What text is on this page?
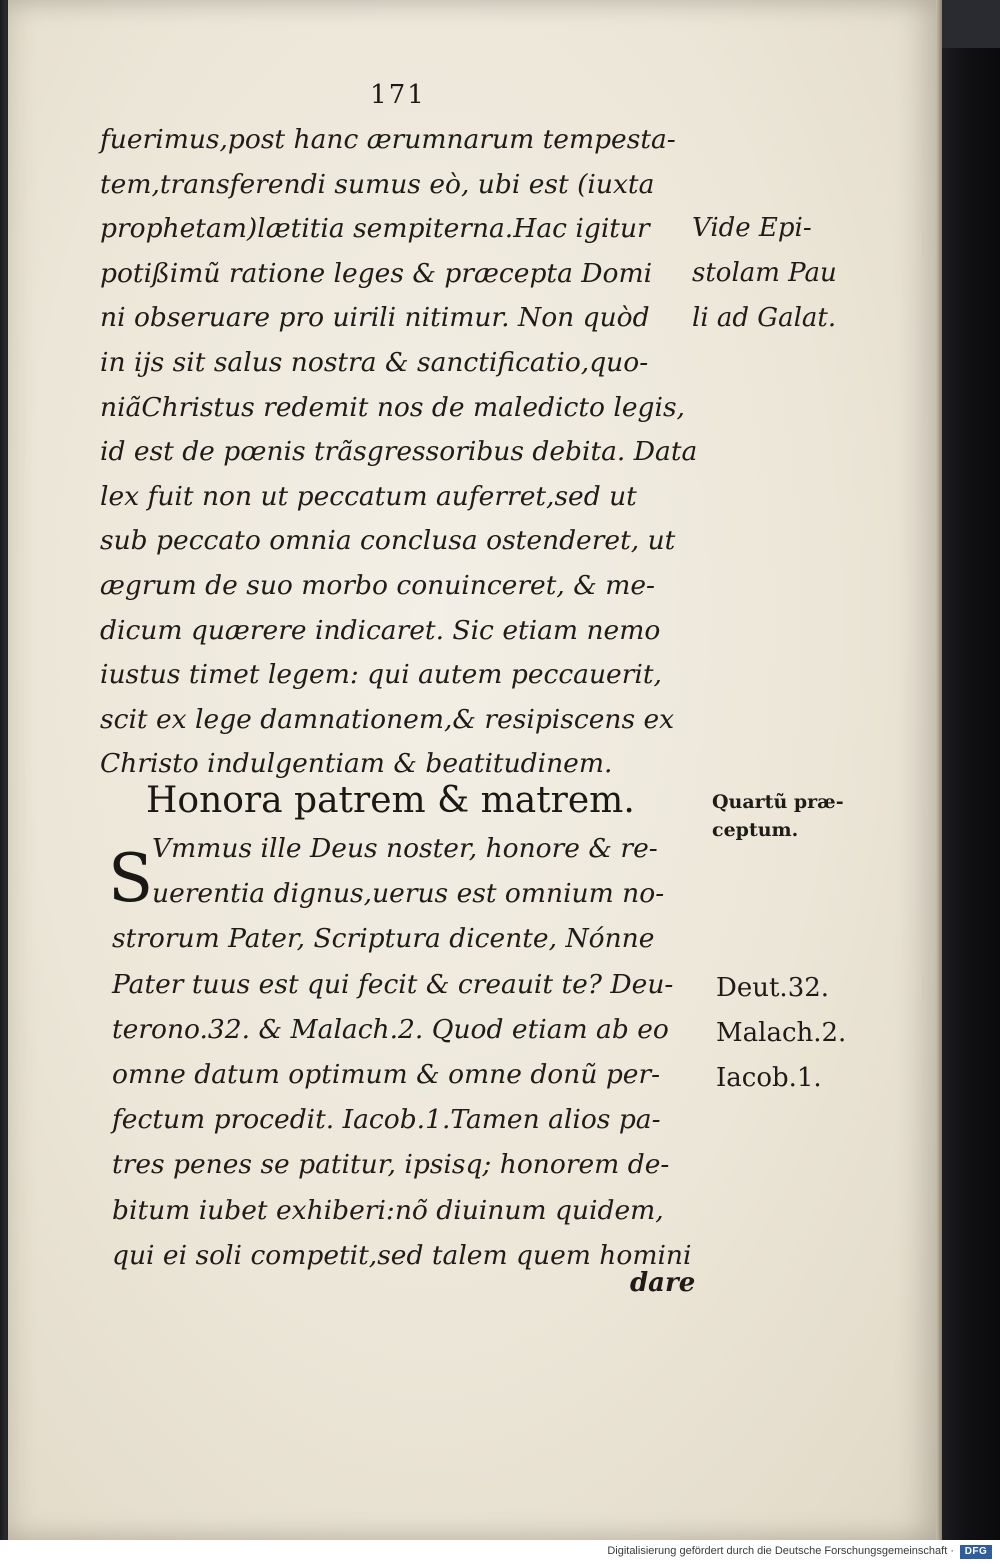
171
fuerimus,post hanc ærumnarum tempesta-
tem,transferendi sumus eò, ubi est (iuxta
prophetam)lætitia sempiterna.Hac igitur
potißimũ ratione leges & præcepta Domi
ni obseruare pro uirili nitimur. Non quòd
in ijs sit salus nostra & sanctificatio,quo-
niãChristus redemit nos de maledicto legis,
id est de pœnis trãsgressoribus debita. Data
lex fuit non ut peccatum auferret,sed ut
sub peccato omnia conclusa ostenderet, ut
ægrum de suo morbo conuinceret, & me-
dicum quærere indicaret. Sic etiam nemo
iustus timet legem: qui autem peccauerit,
scit ex lege damnationem,& resipiscens ex
Christo indulgentiam & beatitudinem.
Honora patrem & matrem.
S
Vmmus ille Deus noster, honore & re-
uerentia dignus,uerus est omnium no-
strorum Pater, Scriptura dicente, Nónne
Pater tuus est qui fecit & creauit te? Deu-
terono.32. & Malach.2. Quod etiam ab eo
omne datum optimum & omne donũ per-
fectum procedit. Iacob.1.Tamen alios pa-
tres penes se patitur, ipsisq; honorem de-
bitum iubet exhiberi:nõ diuinum quidem,
qui ei soli competit,sed talem quem homini
dare
Vide Epi-
stolam Pau
li ad Galat.
Quartũ præ-
ceptum.
Deut.32.
Malach.2.
Iacob.1.
Digitalisierung gefördert durch die Deutsche Forschungsgemeinschaft ·	DFG
